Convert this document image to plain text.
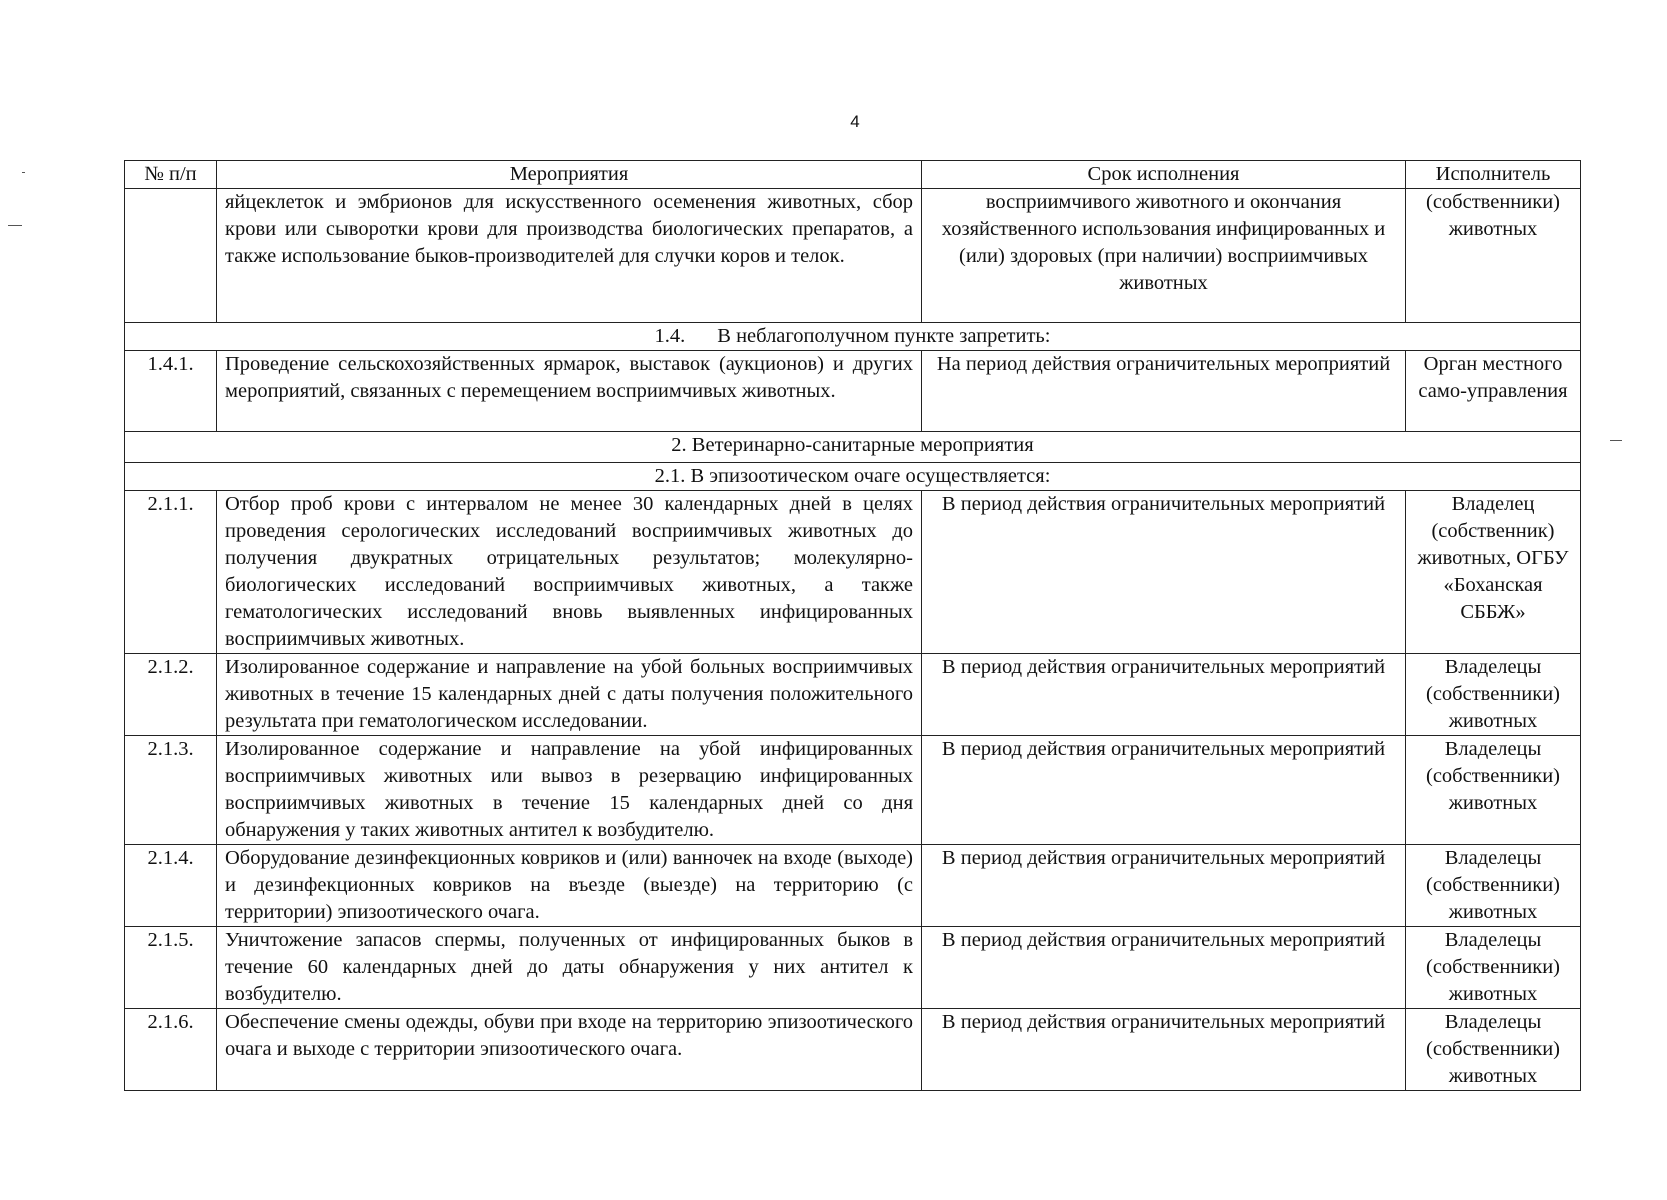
4
№ п/п	Мероприятия	Срок исполнения	Исполнитель
	яйцеклеток и эмбрионов для искусственного осеменения животных, сбор крови или сыворотки крови для производства биологических препаратов, а также использование быков-производителей для случки коров и телок.	восприимчивого животного и окончания хозяйственного использования инфицированных и (или) здоровых (при наличии) восприимчивых животных	(собственники) животных
1.4. В неблагополучном пункте запретить:			
1.4.1.	Проведение сельскохозяйственных ярмарок, выставок (аукционов) и других мероприятий, связанных с перемещением восприимчивых животных.	На период действия ограничительных мероприятий	Орган местного само-управления
2. Ветеринарно-санитарные мероприятия			
2.1. В эпизоотическом очаге осуществляется:			
2.1.1.	Отбор проб крови с интервалом не менее 30 календарных дней в целях проведения серологических исследований восприимчивых животных до получения двукратных отрицательных результатов; молекулярно-биологических исследований восприимчивых животных, а также гематологических исследований вновь выявленных инфицированных восприимчивых животных.	В период действия ограничительных мероприятий	Владелец (собственник) животных, ОГБУ «Боханская СББЖ»
2.1.2.	Изолированное содержание и направление на убой больных восприимчивых животных в течение 15 календарных дней с даты получения положительного результата при гематологическом исследовании.	В период действия ограничительных мероприятий	Владелецы (собственники) животных
2.1.3.	Изолированное содержание и направление на убой инфицированных восприимчивых животных или вывоз в резервацию инфицированных восприимчивых животных в течение 15 календарных дней со дня обнаружения у таких животных антител к возбудителю.	В период действия ограничительных мероприятий	Владелецы (собственники) животных
2.1.4.	Оборудование дезинфекционных ковриков и (или) ванночек на входе (выходе) и дезинфекционных ковриков на въезде (выезде) на территорию (с территории) эпизоотического очага.	В период действия ограничительных мероприятий	Владелецы (собственники) животных
2.1.5.	Уничтожение запасов спермы, полученных от инфицированных быков в течение 60 календарных дней до даты обнаружения у них антител к возбудителю.	В период действия ограничительных мероприятий	Владелецы (собственники) животных
2.1.6.	Обеспечение смены одежды, обуви при входе на территорию эпизоотического очага и выходе с территории эпизоотического очага.	В период действия ограничительных мероприятий	Владелецы (собственники) животных
